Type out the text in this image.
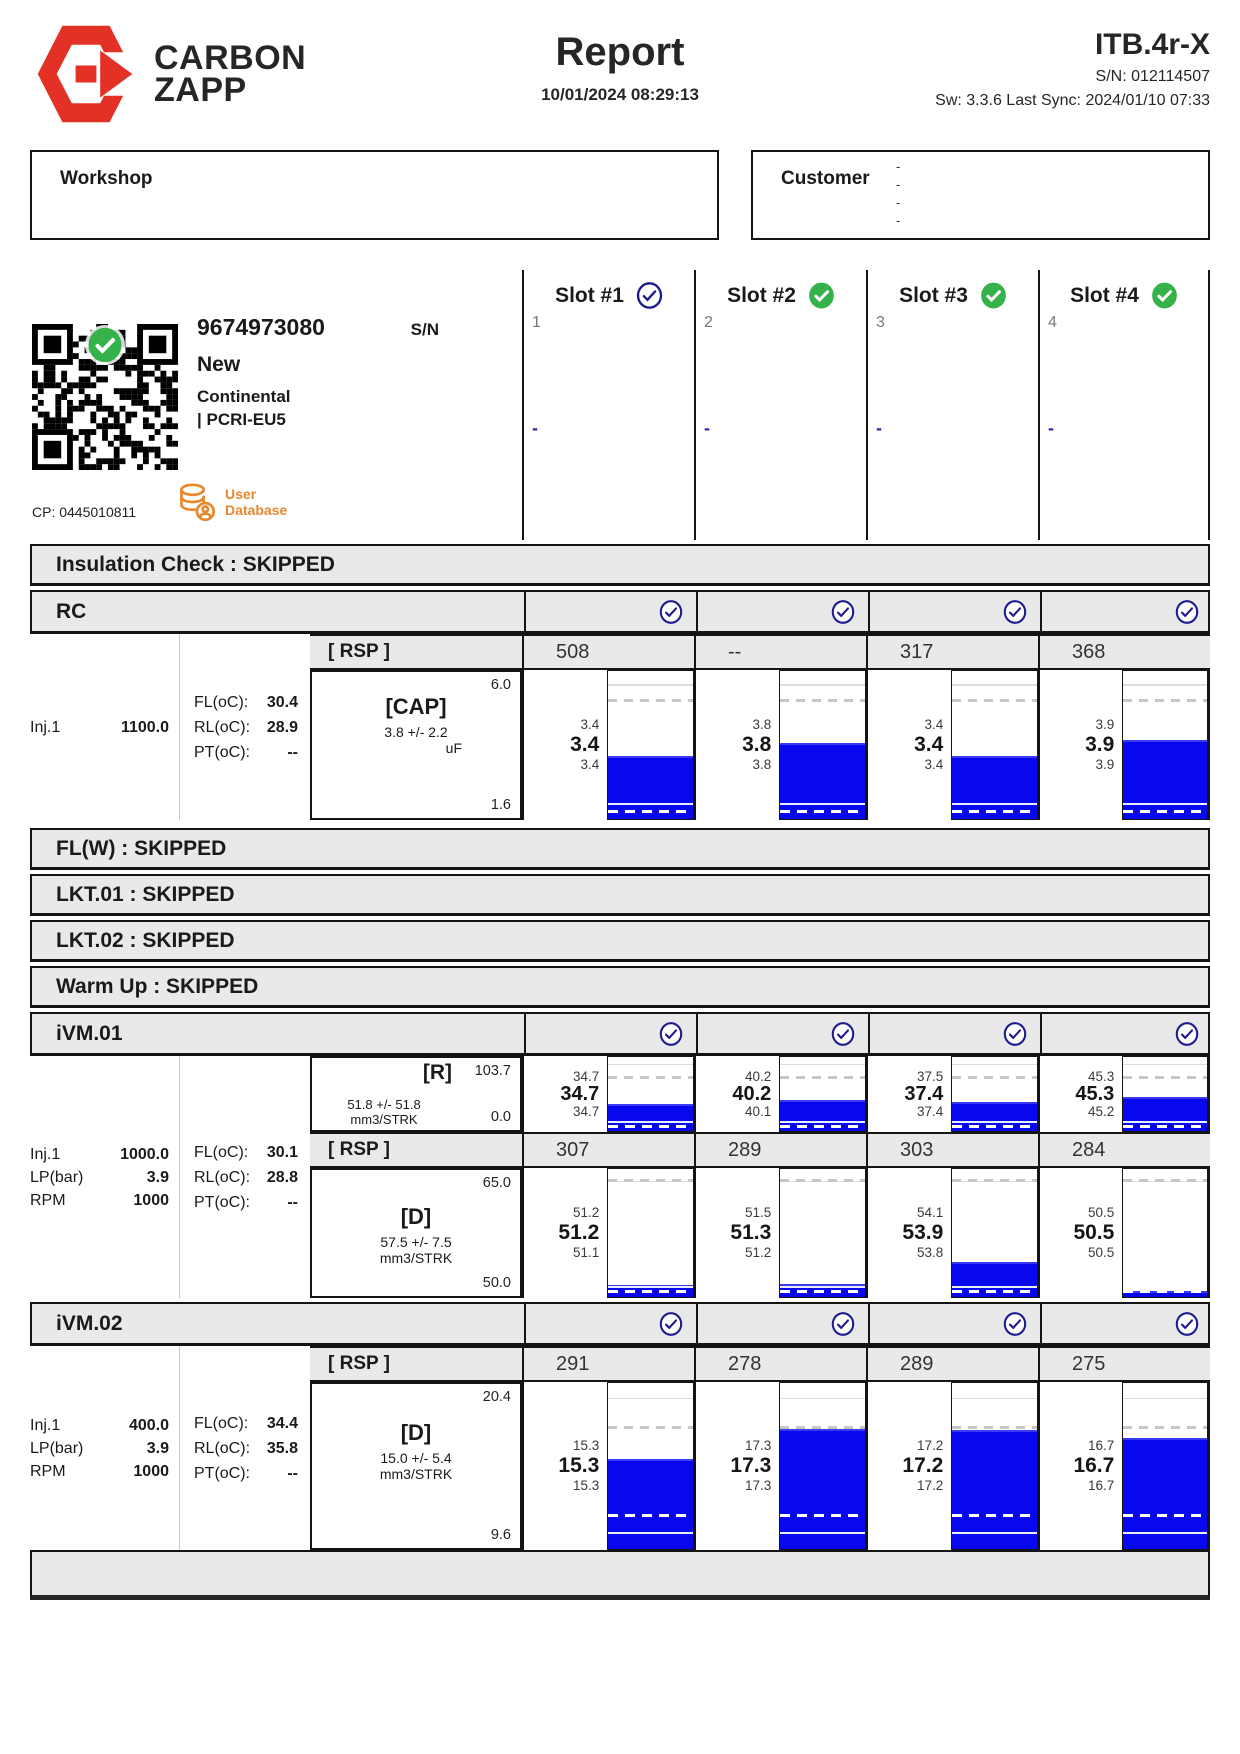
CARBON
ZAPP
Report
10/01/2024 08:29:13
ITB.4r-X
S/N: 012114507
Sw: 3.3.6 Last Sync: 2024/01/10 07:33
Workshop	Customer
-
-
-
-
9674973080	S/N
New
Continental
| PCRI-EU5
CP: 0445010811
User
Database
Slot #1
1
-
Slot #2
2
-
Slot #3
3
-
Slot #4
4
-
Insulation Check : SKIPPED
RC
Inj.1	1100.0
FL(oC): 30.4
RL(oC): 28.9
PT(oC): --
[ RSP ]	508	--	317	368
6.0
1.6
[CAP]
3.8 +/- 2.2
uF
3.4
3.4
3.4
3.8
3.8
3.8
3.4
3.4
3.4
3.9
3.9
3.9
FL(W) : SKIPPED
LKT.01 : SKIPPED
LKT.02 : SKIPPED
Warm Up : SKIPPED
iVM.01
Inj.1	1000.0
LP(bar)	3.9
RPM	1000
FL(oC): 30.1
RL(oC): 28.8
PT(oC): --
[R] 103.7
0.0
51.8 +/- 51.8
mm3/STRK
34.7
34.7
34.7
40.2
40.2
40.1
37.5
37.4
37.4
45.3
45.3
45.2
[ RSP ]	307	289	303	284
65.0
50.0
[D]
57.5 +/- 7.5
mm3/STRK
51.2
51.2
51.1
51.5
51.3
51.2
54.1
53.9
53.8
50.5
50.5
50.5
iVM.02
Inj.1	400.0
LP(bar)	3.9
RPM	1000
FL(oC): 34.4
RL(oC): 35.8
PT(oC): --
[ RSP ]	291	278	289	275
20.4
9.6
[D]
15.0 +/- 5.4
mm3/STRK
15.3
15.3
15.3
17.3
17.3
17.3
17.2
17.2
17.2
16.7
16.7
16.7
